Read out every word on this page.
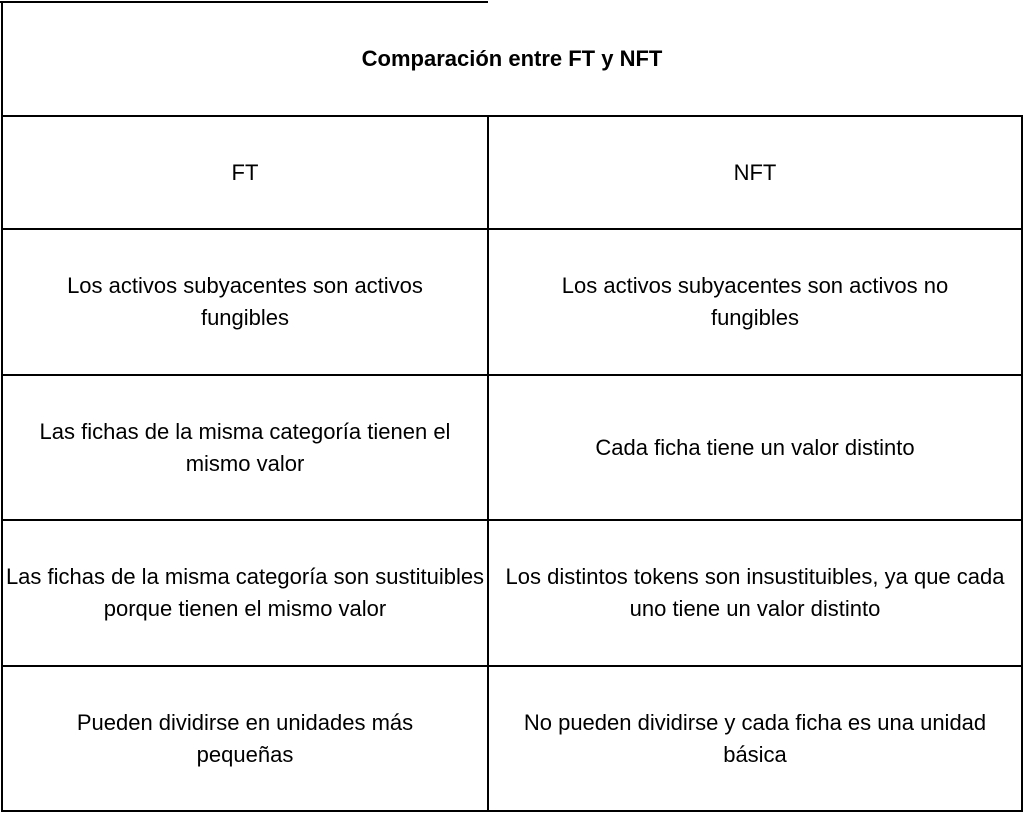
Comparación entre FT y NFT
FT	NFT
Los activos subyacentes son activos fungibles
Los activos subyacentes son activos no fungibles
Las fichas de la misma categoría tienen el mismo valor
Cada ficha tiene un valor distinto
Las fichas de la misma categoría son sustituibles porque tienen el mismo valor
Los distintos tokens son insustituibles, ya que cada uno tiene un valor distinto
Pueden dividirse en unidades más pequeñas
No pueden dividirse y cada ficha es una unidad básica
